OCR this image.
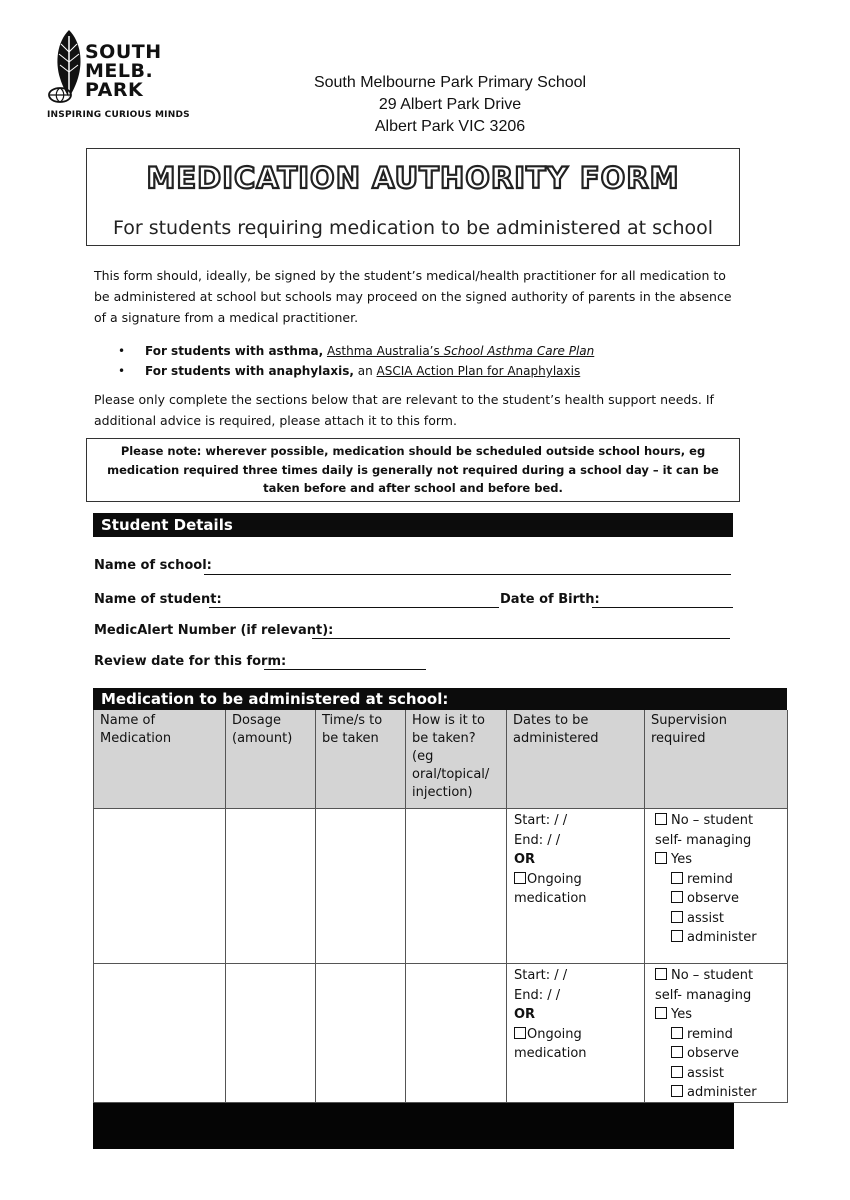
SOUTH
MELB.
PARK
INSPIRING CURIOUS MINDS
South Melbourne Park Primary School
29 Albert Park Drive
Albert Park VIC 3206
MEDICATION AUTHORITY FORM
For students requiring medication to be administered at school
This form should, ideally, be signed by the student’s medical/health practitioner for all medication to be administered at school but schools may proceed on the signed authority of parents in the absence of a signature from a medical practitioner.
• For students with asthma, Asthma Australia’s School Asthma Care Plan
• For students with anaphylaxis, an ASCIA Action Plan for Anaphylaxis
Please only complete the sections below that are relevant to the student’s health support needs. If additional advice is required, please attach it to this form.
Please note: wherever possible, medication should be scheduled outside school hours, eg medication required three times daily is generally not required during a school day – it can be taken before and after school and before bed.
Student Details
Name of school:
Name of student:	Date of Birth:
MedicAlert Number (if relevant):
Review date for this form:
Medication to be administered at school:
Name of Medication
Dosage (amount)
Time/s to be taken
How is it to be taken? (eg oral/topical/ injection)
Dates to be administered
Supervision required
Start: / /
End: / /
OR
Ongoing medication
No – student self- managing
Yes
remind
observe
assist
administer
Start: / /
End: / /
OR
Ongoing medication
No – student self- managing
Yes
remind
observe
assist
administer
